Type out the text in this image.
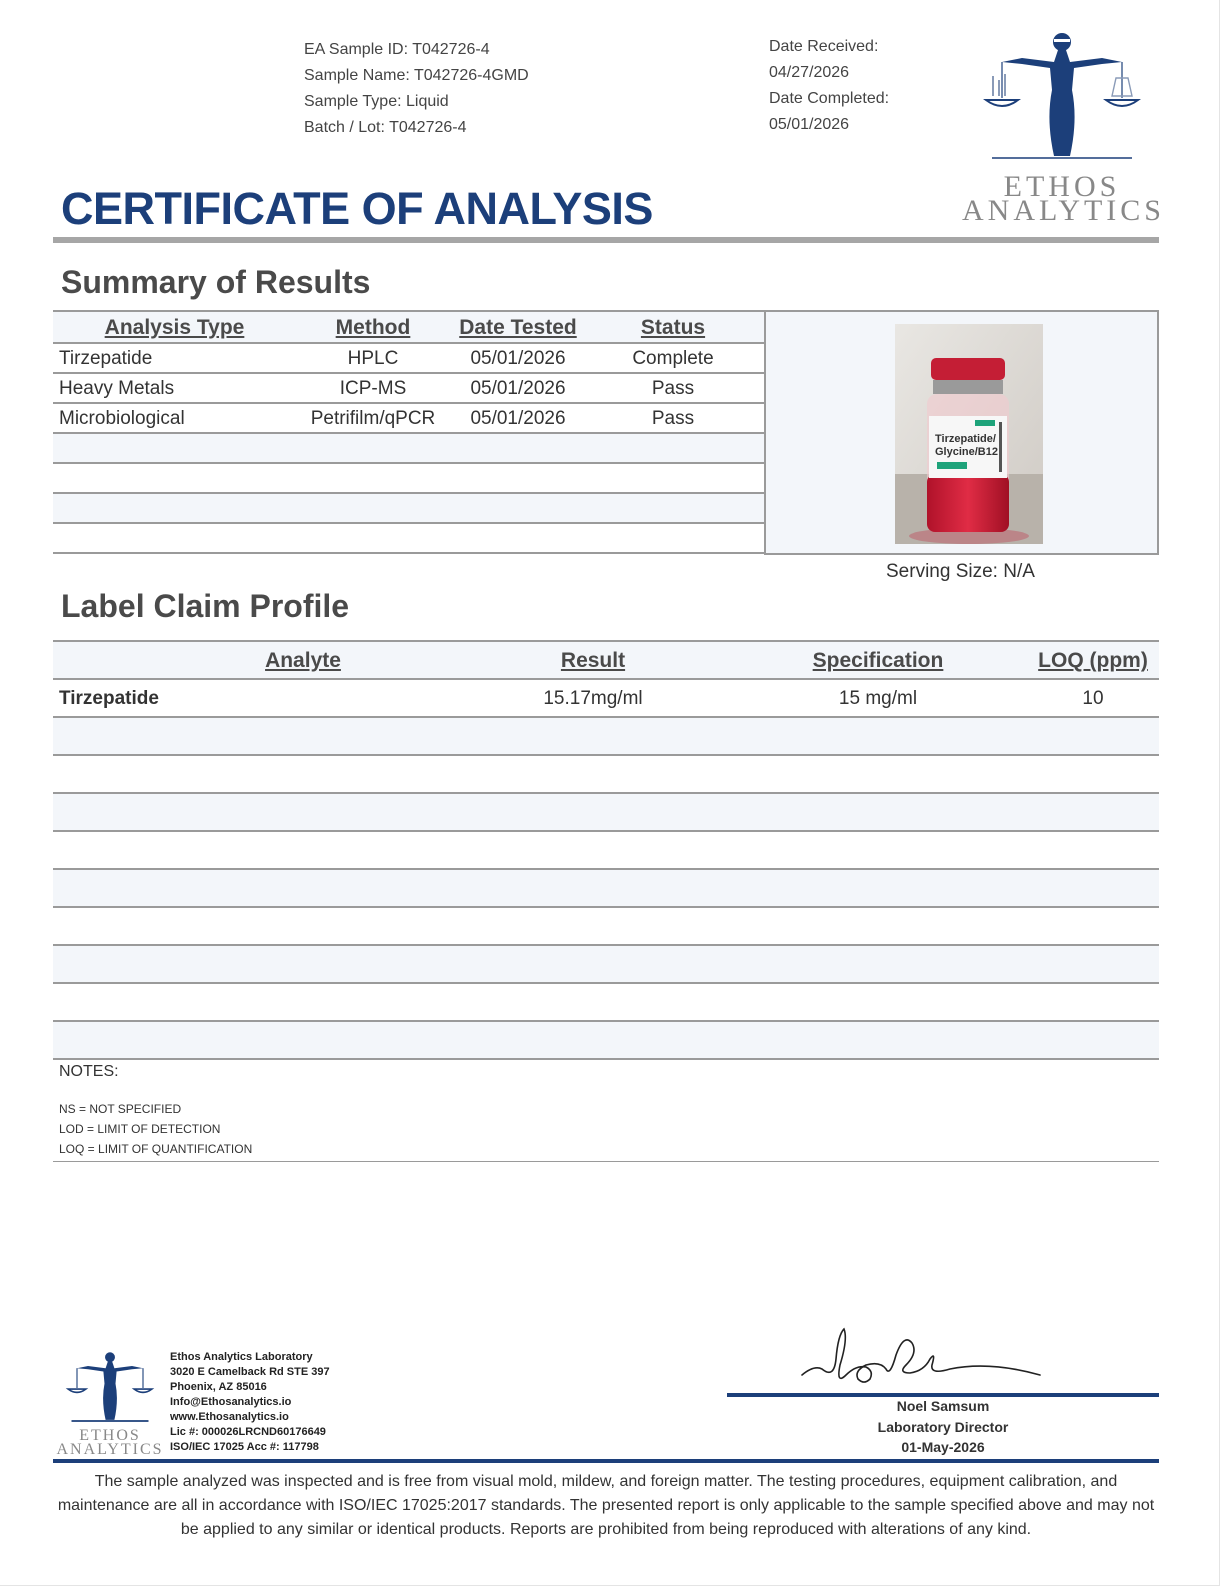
EA Sample ID: T042726-4
Sample Name: T042726-4GMD
Sample Type: Liquid
Batch / Lot: T042726-4
Date Received:
04/27/2026
Date Completed:
05/01/2026
ETHOS
ANALYTICS
CERTIFICATE OF ANALYSIS
Summary of Results
Analysis Type	Method	Date Tested	Status
Tirzepatide	HPLC	05/01/2026	Complete
Heavy Metals	ICP-MS	05/01/2026	Pass
Microbiological	Petrifilm/qPCR	05/01/2026	Pass
Tirzepatide/
Glycine/B12
Serving Size: N/A
Label Claim Profile
Analyte	Result	Specification	LOQ (ppm)
Tirzepatide	15.17mg/ml	15 mg/ml	10
NOTES:
NS = NOT SPECIFIED
LOD = LIMIT OF DETECTION
LOQ = LIMIT OF QUANTIFICATION
ETHOS
ANALYTICS
Ethos Analytics Laboratory
3020 E Camelback Rd STE 397
Phoenix, AZ 85016
Info@Ethosanalytics.io
www.Ethosanalytics.io
Lic #: 000026LRCND60176649
ISO/IEC 17025 Acc #: 117798
Noel Samsum
Laboratory Director
01-May-2026
The sample analyzed was inspected and is free from visual mold, mildew, and foreign matter. The testing procedures, equipment calibration, and maintenance are all in accordance with ISO/IEC 17025:2017 standards. The presented report is only applicable to the sample specified above and may not be applied to any similar or identical products. Reports are prohibited from being reproduced with alterations of any kind.
